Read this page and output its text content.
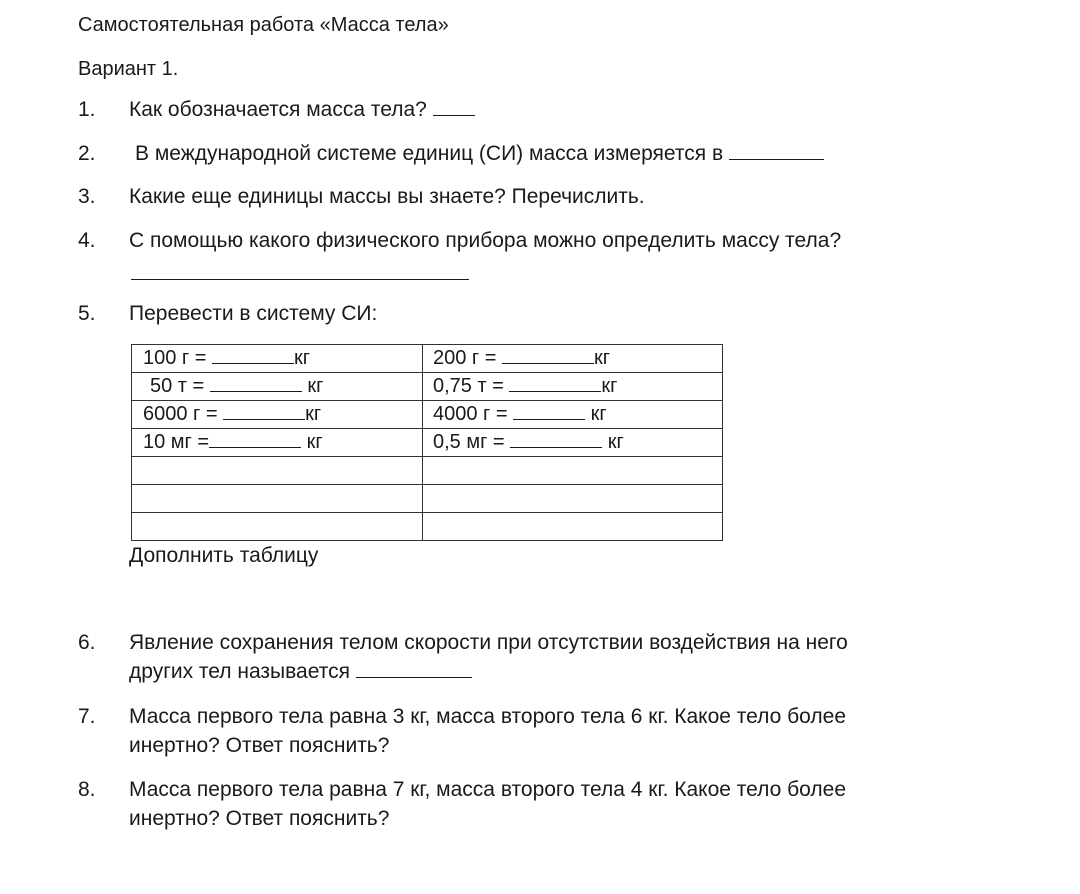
Самостоятельная работа «Масса тела»
Вариант 1.
1. Как обозначается масса тела?
2. В международной системе единиц (СИ) масса измеряется в
3. Какие еще единицы массы вы знаете? Перечислить.
4. С помощью какого физического прибора можно определить массу тела?
5. Перевести в систему СИ:
100 г = кг	200 г = кг
50 т = кг	0,75 т = кг
6000 г = кг	4000 г = кг
10 мг = кг	0,5 мг = кг

Дополнить таблицу
6. Явление сохранения телом скорости при отсутствии воздействия на него
других тел называется
7. Масса первого тела равна 3 кг, масса второго тела 6 кг. Какое тело более
инертно? Ответ пояснить?
8. Масса первого тела равна 7 кг, масса второго тела 4 кг. Какое тело более
инертно? Ответ пояснить?
